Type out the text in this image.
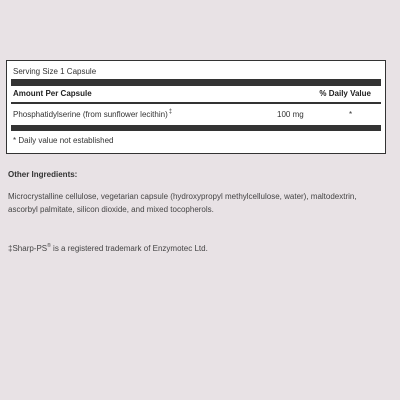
Serving Size 1 Capsule
Amount Per Capsule	% Daily Value
Phosphatidylserine (from sunflower lecithin)‡	100 mg	*
* Daily value not established
Other Ingredients:
Microcrystalline cellulose, vegetarian capsule (hydroxypropyl methylcellulose, water), maltodextrin, ascorbyl palmitate, silicon dioxide, and mixed tocopherols.
‡Sharp-PS® is a registered trademark of Enzymotec Ltd.
